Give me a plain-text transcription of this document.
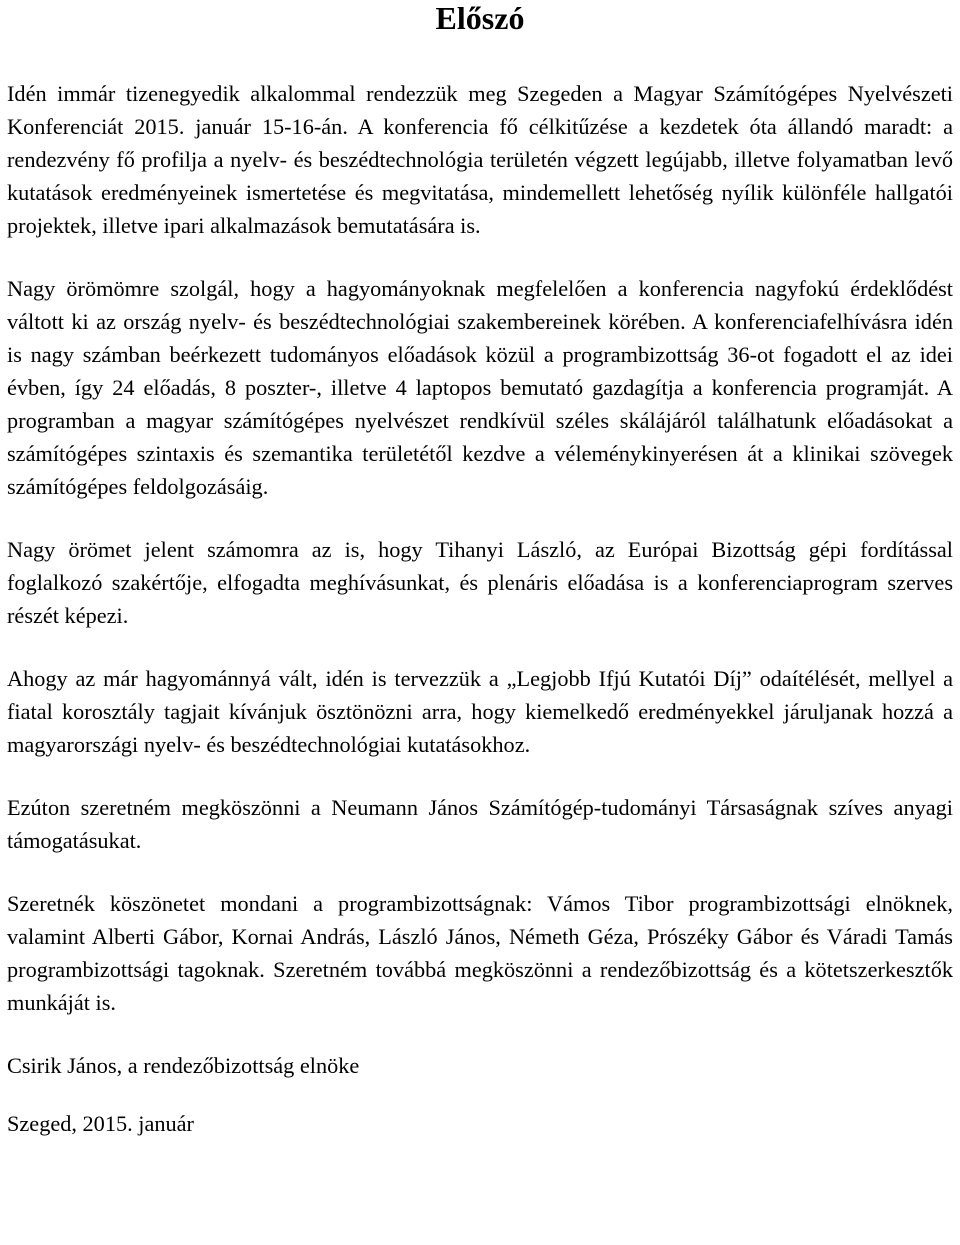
Előszó

Idén immár tizenegyedik alkalommal rendezzük meg Szegeden a Magyar Számítógépes Nyelvészeti Konferenciát 2015. január 15-16-án. A konferencia fő célkitűzése a kezdetek óta állandó maradt: a rendezvény fő profilja a nyelv- és beszédtechnológia területén végzett legújabb, illetve folyamatban levő kutatások eredményeinek ismertetése és megvitatása, mindemellett lehetőség nyílik különféle hallgatói projektek, illetve ipari alkalmazások bemutatására is.

Nagy örömömre szolgál, hogy a hagyományoknak megfelelően a konferencia nagyfokú érdeklődést váltott ki az ország nyelv- és beszédtechnológiai szakembereinek körében. A konferenciafelhívásra idén is nagy számban beérkezett tudományos előadások közül a programbizottság 36-ot fogadott el az idei évben, így 24 előadás, 8 poszter-, illetve 4 laptopos bemutató gazdagítja a konferencia programját. A programban a magyar számítógépes nyelvészet rendkívül széles skálájáról találhatunk előadásokat a számítógépes szintaxis és szemantika területétől kezdve a véleménykinyerésen át a klinikai szövegek számítógépes feldolgozásáig.

Nagy örömet jelent számomra az is, hogy Tihanyi László, az Európai Bizottság gépi fordítással foglalkozó szakértője, elfogadta meghívásunkat, és plenáris előadása is a konferenciaprogram szerves részét képezi.

Ahogy az már hagyománnyá vált, idén is tervezzük a „Legjobb Ifjú Kutatói Díj” odaítélését, mellyel a fiatal korosztály tagjait kívánjuk ösztönözni arra, hogy kiemelkedő eredményekkel járuljanak hozzá a magyarországi nyelv- és beszédtechnológiai kutatásokhoz.

Ezúton szeretném megköszönni a Neumann János Számítógép-tudományi Társaságnak szíves anyagi támogatásukat.

Szeretnék köszönetet mondani a programbizottságnak: Vámos Tibor programbizottsági elnöknek, valamint Alberti Gábor, Kornai András, László János, Németh Géza, Prószéky Gábor és Váradi Tamás programbizottsági tagoknak. Szeretném továbbá megköszönni a rendezőbizottság és a kötetszerkesztők munkáját is.

Csirik János, a rendezőbizottság elnöke

Szeged, 2015. január
